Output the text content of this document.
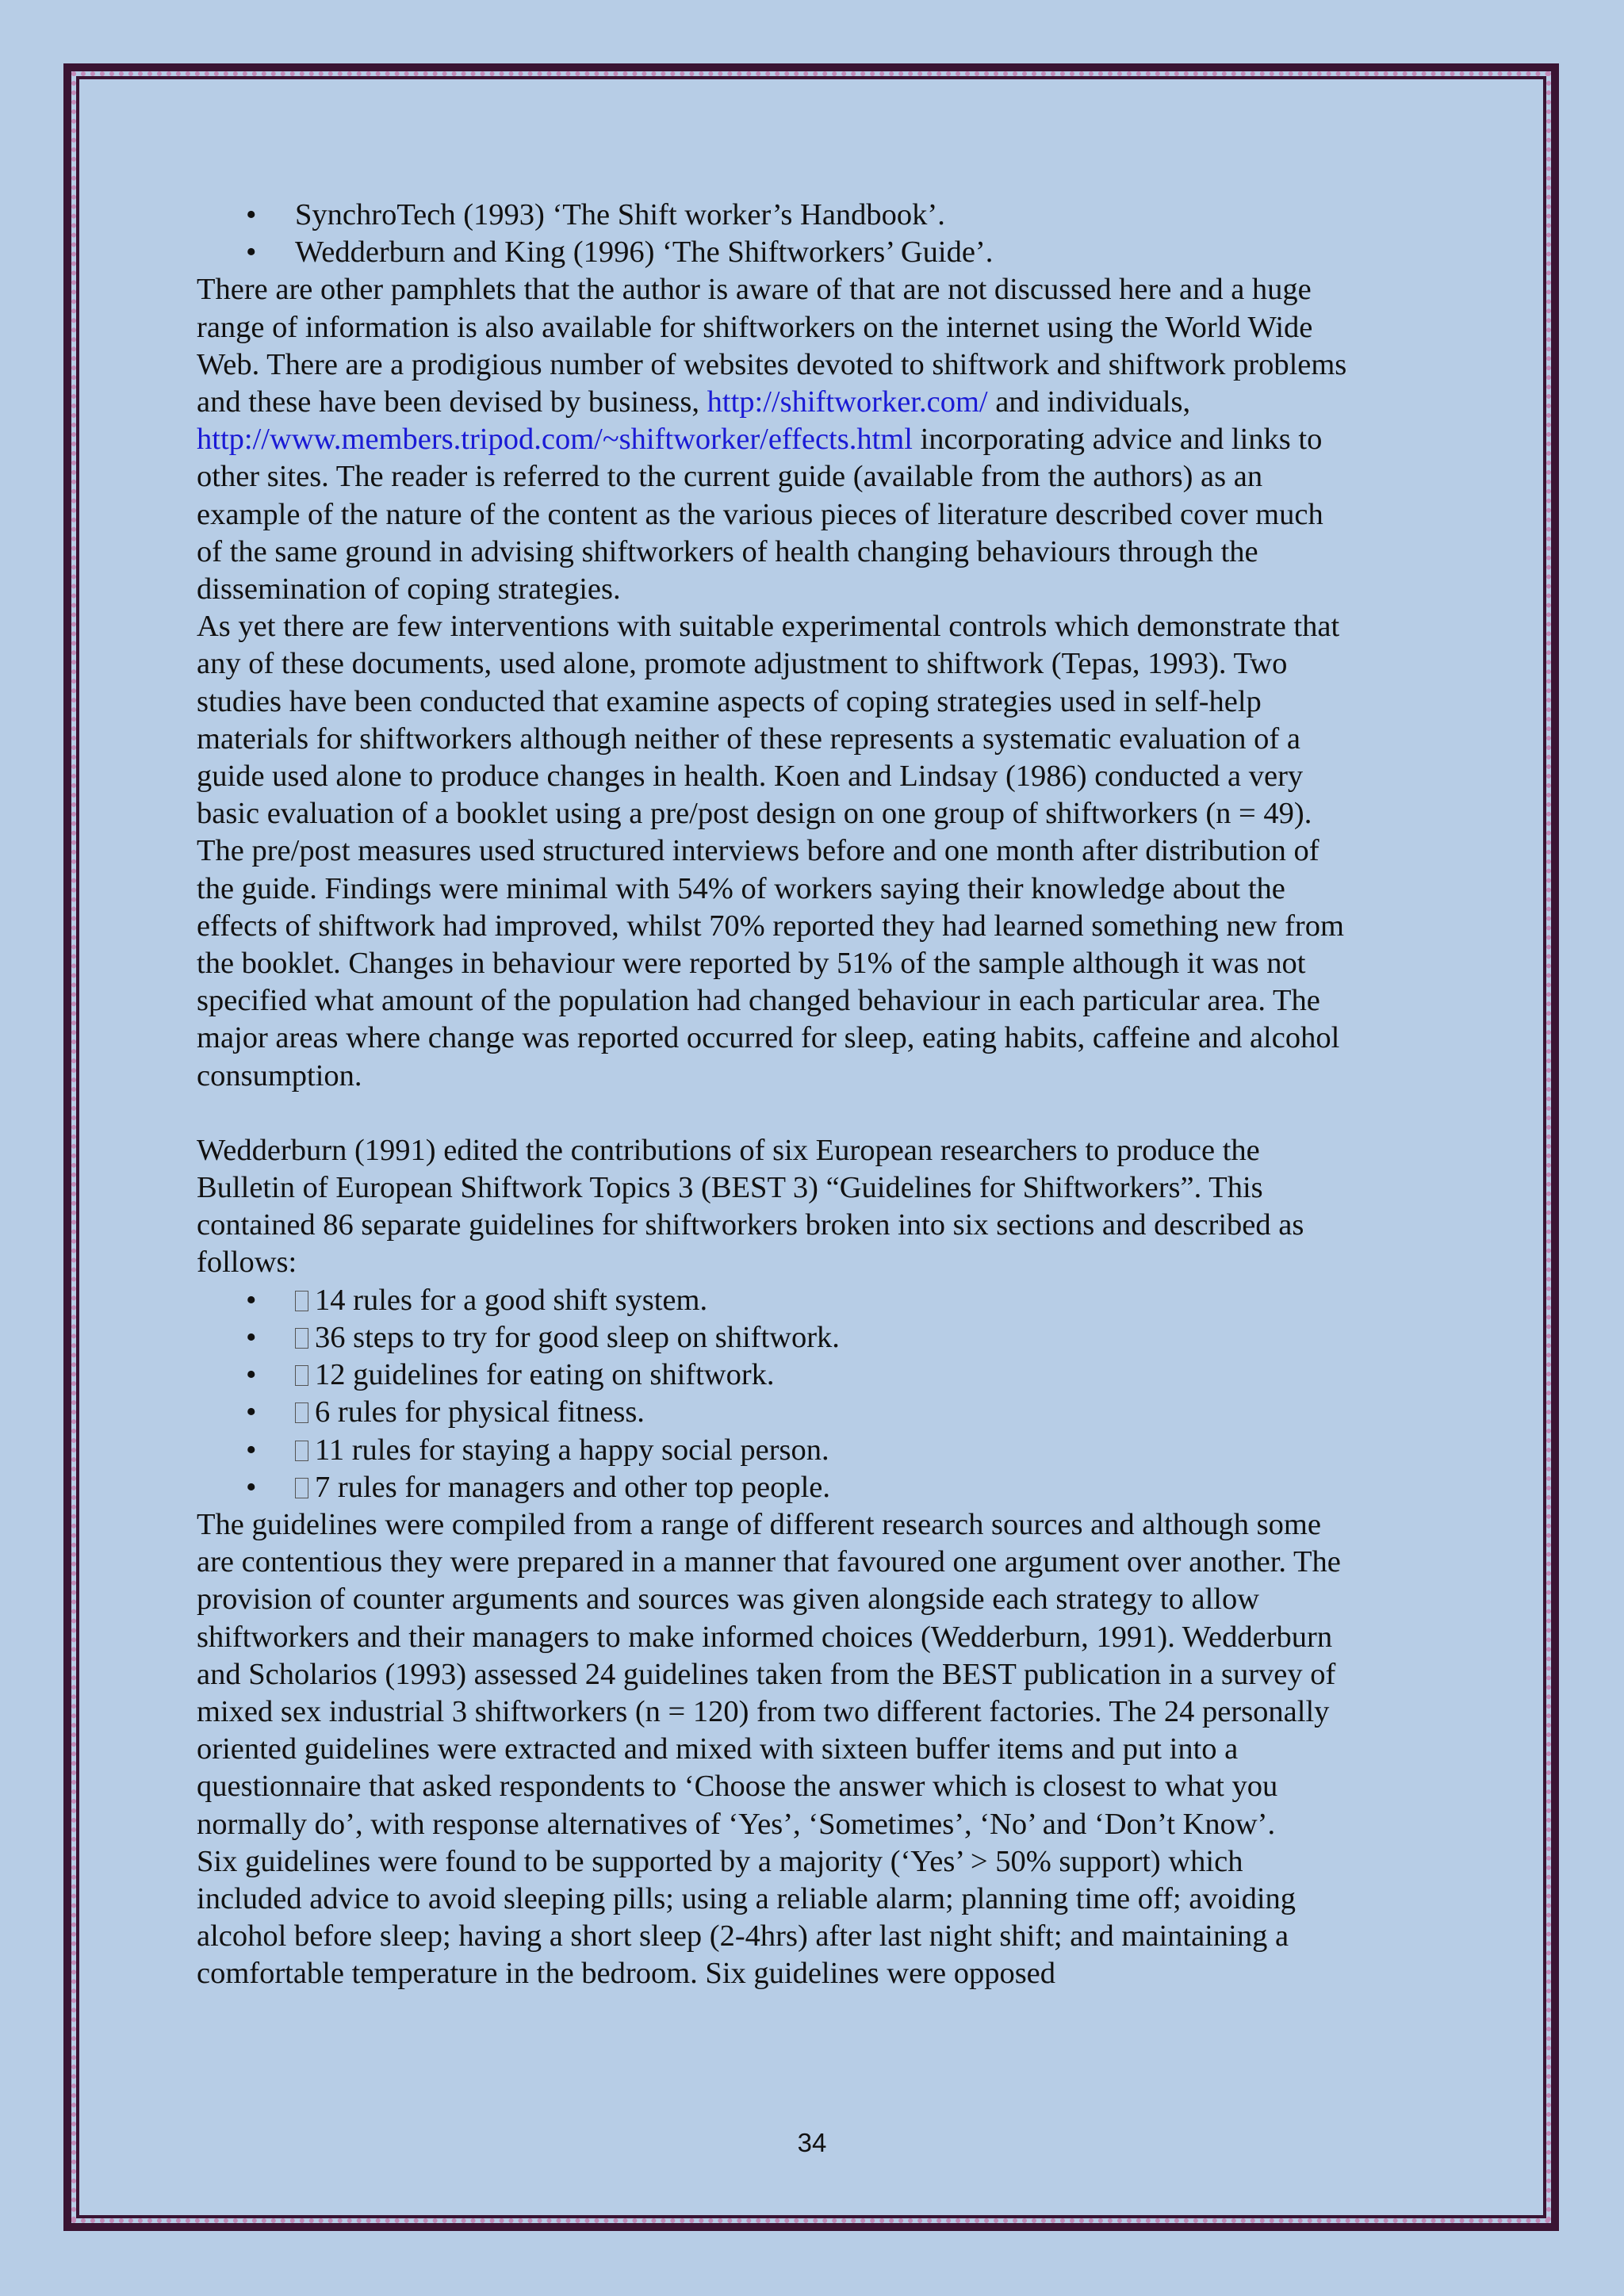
• SynchroTech (1993) ‘The Shift worker’s Handbook’.
• Wedderburn and King (1996) ‘The Shiftworkers’ Guide’.

There are other pamphlets that the author is aware of that are not discussed here and a huge range of information is also available for shiftworkers on the internet using the World Wide Web. There are a prodigious number of websites devoted to shiftwork and shiftwork problems and these have been devised by business, http://shiftworker.com/ and individuals, http://www.members.tripod.com/~shiftworker/effects.html incorporating advice and links to other sites. The reader is referred to the current guide (available from the authors) as an example of the nature of the content as the various pieces of literature described cover much of the same ground in advising shiftworkers of health changing behaviours through the dissemination of coping strategies.

As yet there are few interventions with suitable experimental controls which demonstrate that any of these documents, used alone, promote adjustment to shiftwork (Tepas, 1993). Two studies have been conducted that examine aspects of coping strategies used in self-help materials for shiftworkers although neither of these represents a systematic evaluation of a guide used alone to produce changes in health. Koen and Lindsay (1986) conducted a very basic evaluation of a booklet using a pre/post design on one group of shiftworkers (n = 49). The pre/post measures used structured interviews before and one month after distribution of the guide. Findings were minimal with 54% of workers saying their knowledge about the effects of shiftwork had improved, whilst 70% reported they had learned something new from the booklet. Changes in behaviour were reported by 51% of the sample although it was not specified what amount of the population had changed behaviour in each particular area. The major areas where change was reported occurred for sleep, eating habits, caffeine and alcohol consumption.

Wedderburn (1991) edited the contributions of six European researchers to produce the Bulletin of European Shiftwork Topics 3 (BEST 3) “Guidelines for Shiftworkers”. This contained 86 separate guidelines for shiftworkers broken into six sections and described as follows:

• 14 rules for a good shift system.
• 36 steps to try for good sleep on shiftwork.
• 12 guidelines for eating on shiftwork.
• 6 rules for physical fitness.
• 11 rules for staying a happy social person.
• 7 rules for managers and other top people.

The guidelines were compiled from a range of different research sources and although some are contentious they were prepared in a manner that favoured one argument over another. The provision of counter arguments and sources was given alongside each strategy to allow shiftworkers and their managers to make informed choices (Wedderburn, 1991). Wedderburn and Scholarios (1993) assessed 24 guidelines taken from the BEST publication in a survey of mixed sex industrial 3 shiftworkers (n = 120) from two different factories. The 24 personally oriented guidelines were extracted and mixed with sixteen buffer items and put into a questionnaire that asked respondents to ‘Choose the answer which is closest to what you normally do’, with response alternatives of ‘Yes’, ‘Sometimes’, ‘No’ and ‘Don’t Know’.

Six guidelines were found to be supported by a majority (‘Yes’ > 50% support) which included advice to avoid sleeping pills; using a reliable alarm; planning time off; avoiding alcohol before sleep; having a short sleep (2-4hrs) after last night shift; and maintaining a comfortable temperature in the bedroom. Six guidelines were opposed

34
